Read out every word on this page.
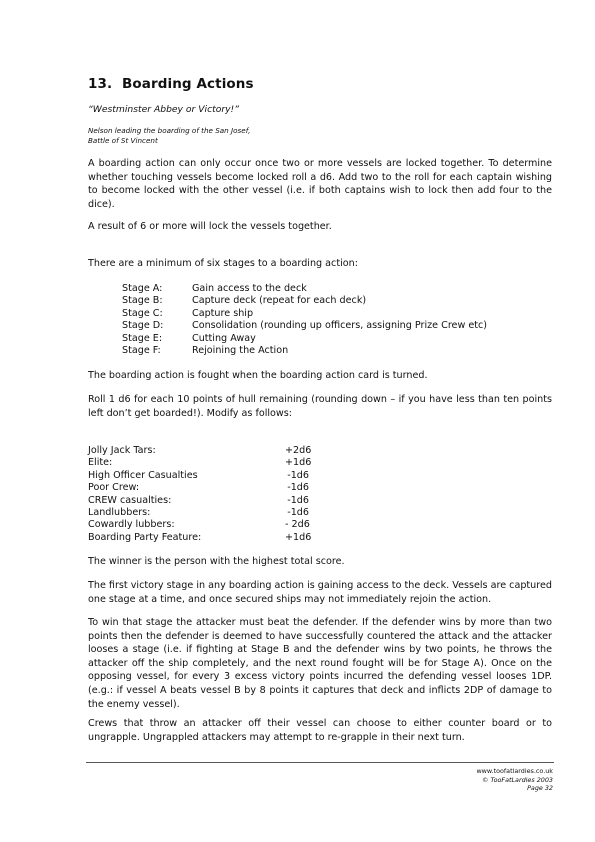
13. Boarding Actions

“Westminster Abbey or Victory!”

Nelson leading the boarding of the San Josef,
Battle of St Vincent

A boarding action can only occur once two or more vessels are locked together. To determine whether touching vessels become locked roll a d6. Add two to the roll for each captain wishing to become locked with the other vessel (i.e. if both captains wish to lock then add four to the dice).

A result of 6 or more will lock the vessels together.

There are a minimum of six stages to a boarding action:

Stage A:	Gain access to the deck
Stage B:	Capture deck (repeat for each deck)
Stage C:	Capture ship
Stage D:	Consolidation (rounding up officers, assigning Prize Crew etc)
Stage E:	Cutting Away
Stage F:	Rejoining the Action

The boarding action is fought when the boarding action card is turned.

Roll 1 d6 for each 10 points of hull remaining (rounding down – if you have less than ten points left don’t get boarded!). Modify as follows:

Jolly Jack Tars:	+2d6
Elite:	+1d6
High Officer Casualties	-1d6
Poor Crew:	-1d6
CREW casualties:	-1d6
Landlubbers:	-1d6
Cowardly lubbers:	- 2d6
Boarding Party Feature:	+1d6

The winner is the person with the highest total score.

The first victory stage in any boarding action is gaining access to the deck. Vessels are captured one stage at a time, and once secured ships may not immediately rejoin the action.

To win that stage the attacker must beat the defender. If the defender wins by more than two points then the defender is deemed to have successfully countered the attack and the attacker looses a stage (i.e. if fighting at Stage B and the defender wins by two points, he throws the attacker off the ship completely, and the next round fought will be for Stage A). Once on the opposing vessel, for every 3 excess victory points incurred the defending vessel looses 1DP. (e.g.: if vessel A beats vessel B by 8 points it captures that deck and inflicts 2DP of damage to the enemy vessel).

Crews that throw an attacker off their vessel can choose to either counter board or to ungrapple. Ungrappled attackers may attempt to re-grapple in their next turn.

www.toofatlardies.co.uk
© TooFatLardies 2003
Page 32
